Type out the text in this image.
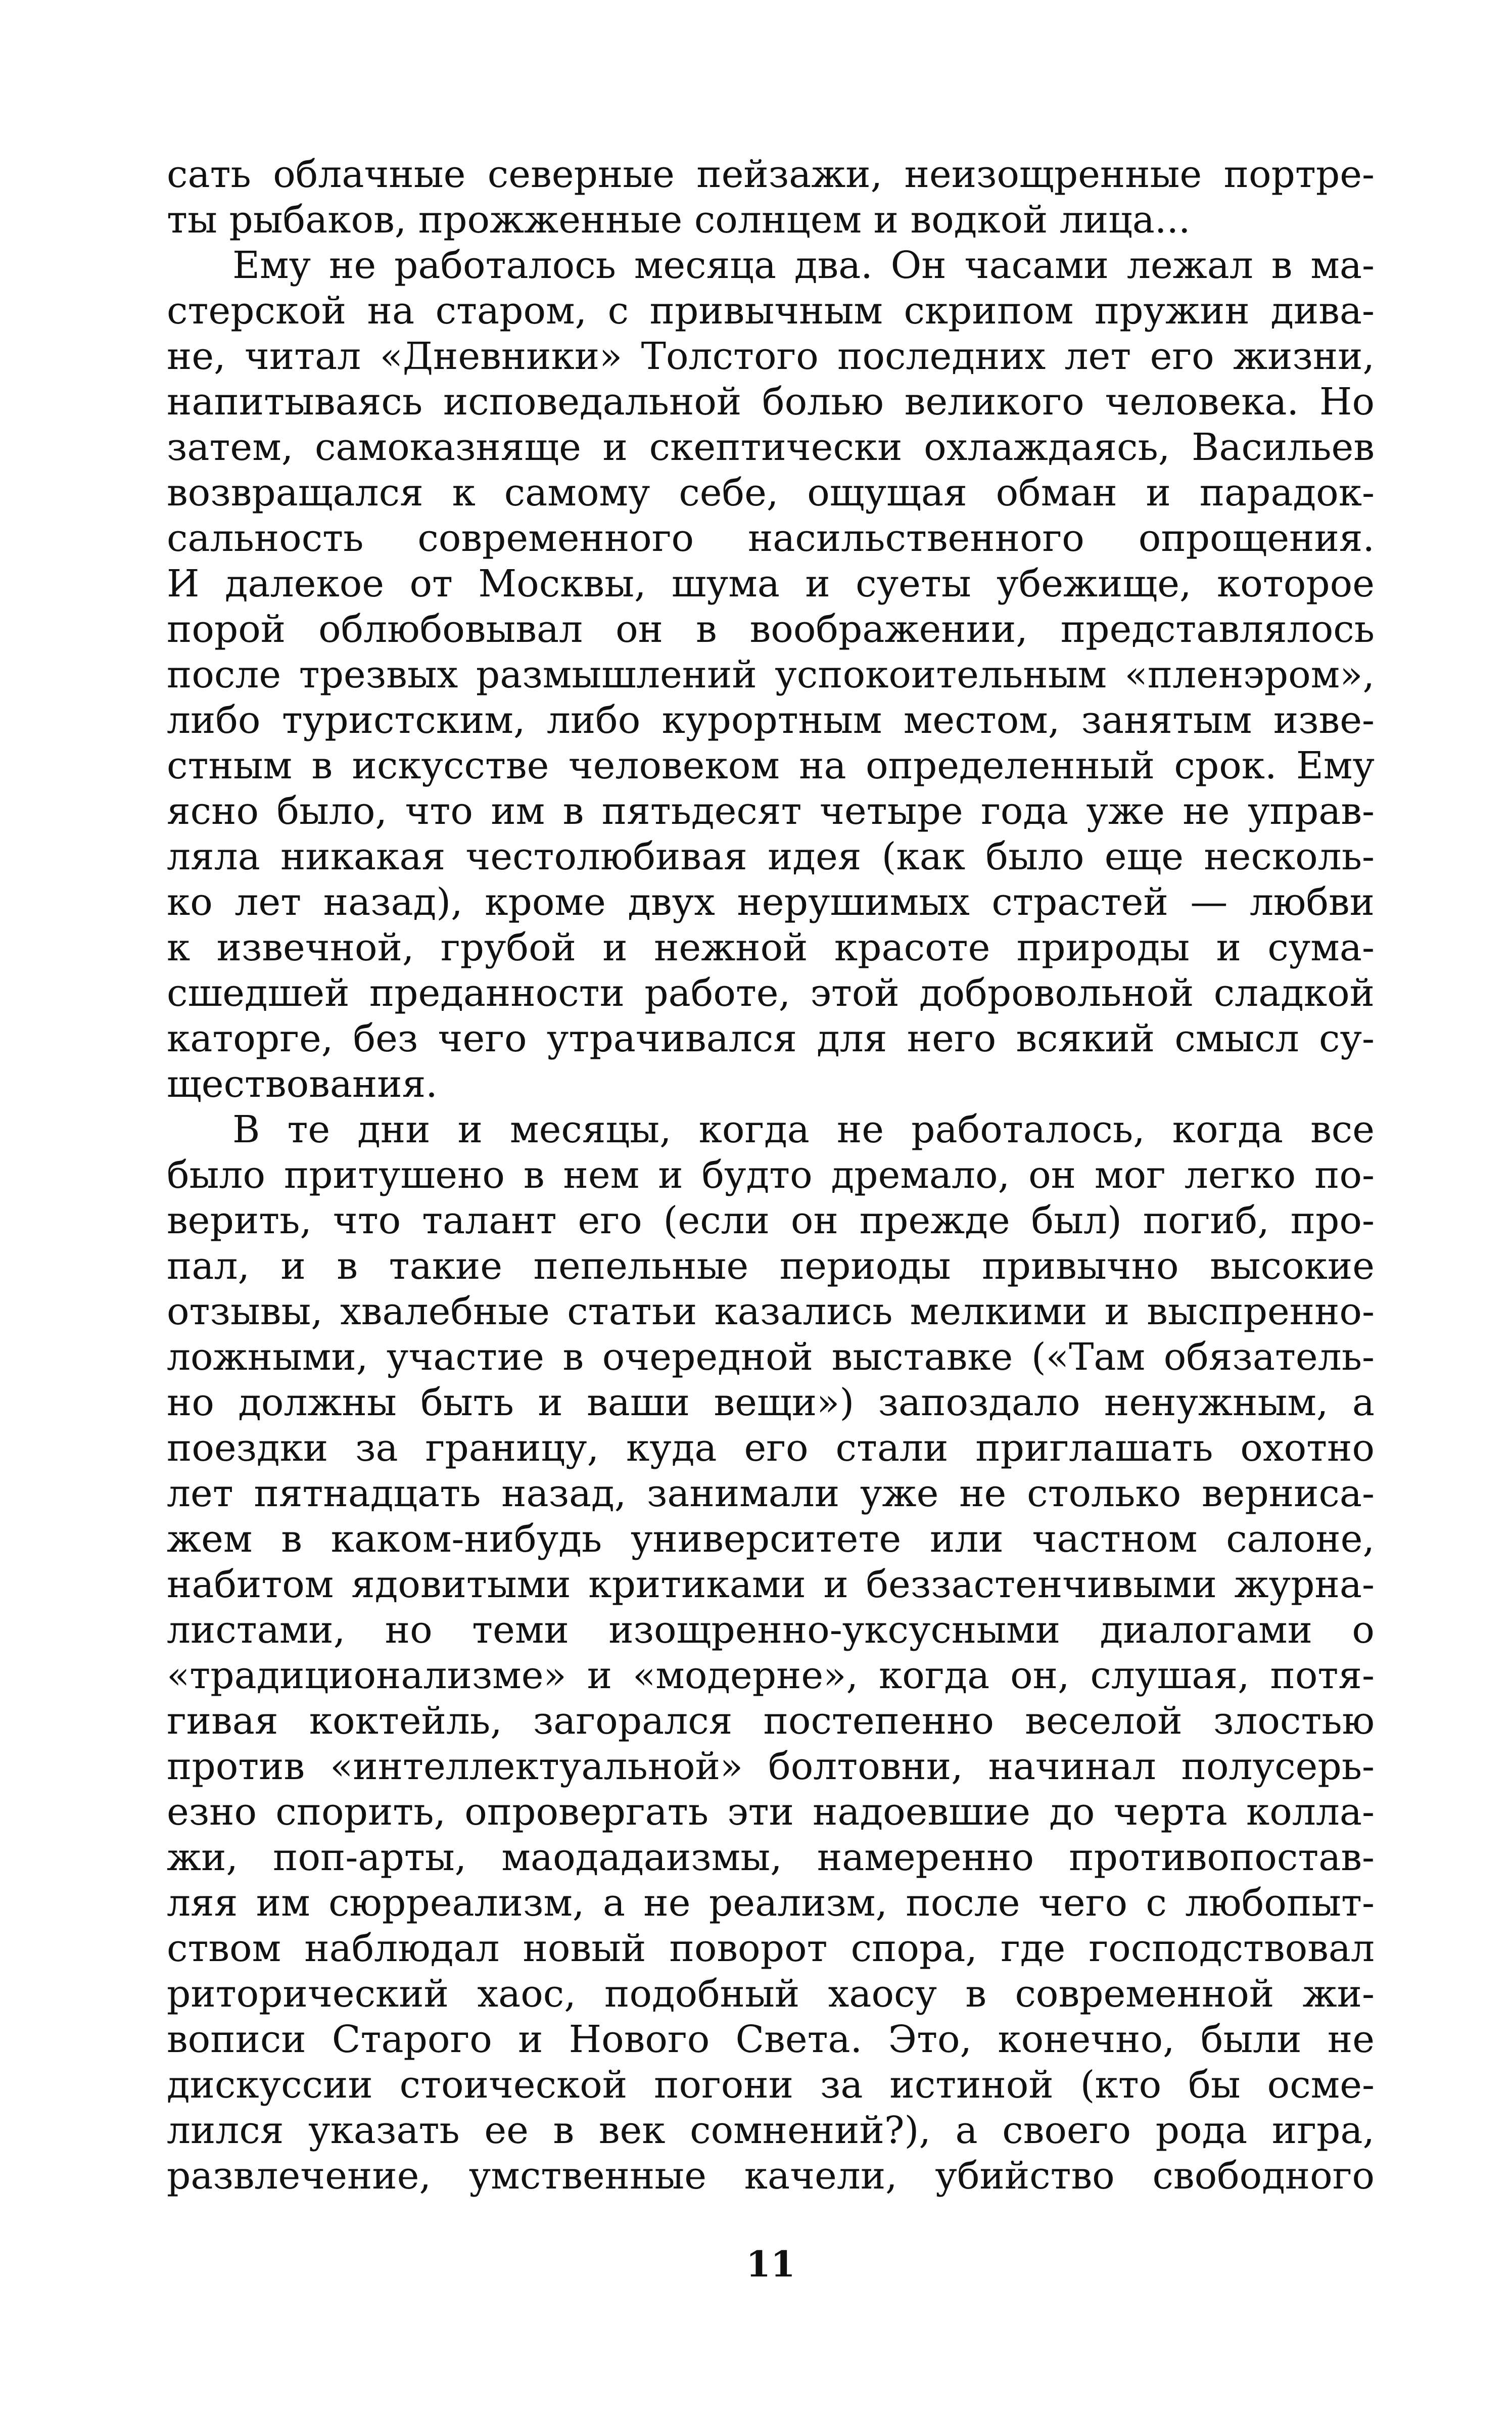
сать облачные северные пейзажи, неизощренные портре-
ты рыбаков, прожженные солнцем и водкой лица...
Ему не работалось месяца два. Он часами лежал в ма-
стерской на старом, с привычным скрипом пружин дива-
не, читал «Дневники» Толстого последних лет его жизни,
напитываясь исповедальной болью великого человека. Но
затем, самоказняще и скептически охлаждаясь, Васильев
возвращался к самому себе, ощущая обман и парадок-
сальность современного насильственного опрощения.
И далекое от Москвы, шума и суеты убежище, которое
порой облюбовывал он в воображении, представлялось
после трезвых размышлений успокоительным «пленэром»,
либо туристским, либо курортным местом, занятым изве-
стным в искусстве человеком на определенный срок. Ему
ясно было, что им в пятьдесят четыре года уже не управ-
ляла никакая честолюбивая идея (как было еще несколь-
ко лет назад), кроме двух нерушимых страстей — любви
к извечной, грубой и нежной красоте природы и сума-
сшедшей преданности работе, этой добровольной сладкой
каторге, без чего утрачивался для него всякий смысл су-
ществования.
В те дни и месяцы, когда не работалось, когда все
было притушено в нем и будто дремало, он мог легко по-
верить, что талант его (если он прежде был) погиб, про-
пал, и в такие пепельные периоды привычно высокие
отзывы, хвалебные статьи казались мелкими и выспренно-
ложными, участие в очередной выставке («Там обязатель-
но должны быть и ваши вещи») запоздало ненужным, а
поездки за границу, куда его стали приглашать охотно
лет пятнадцать назад, занимали уже не столько верниса-
жем в каком-нибудь университете или частном салоне,
набитом ядовитыми критиками и беззастенчивыми журна-
листами, но теми изощренно-уксусными диалогами о
«традиционализме» и «модерне», когда он, слушая, потя-
гивая коктейль, загорался постепенно веселой злостью
против «интеллектуальной» болтовни, начинал полусерь-
езно спорить, опровергать эти надоевшие до черта колла-
жи, поп-арты, маодадаизмы, намеренно противопостав-
ляя им сюрреализм, а не реализм, после чего с любопыт-
ством наблюдал новый поворот спора, где господствовал
риторический хаос, подобный хаосу в современной жи-
вописи Старого и Нового Света. Это, конечно, были не
дискуссии стоической погони за истиной (кто бы осме-
лился указать ее в век сомнений?), а своего рода игра,
развлечение, умственные качели, убийство свободного
11
